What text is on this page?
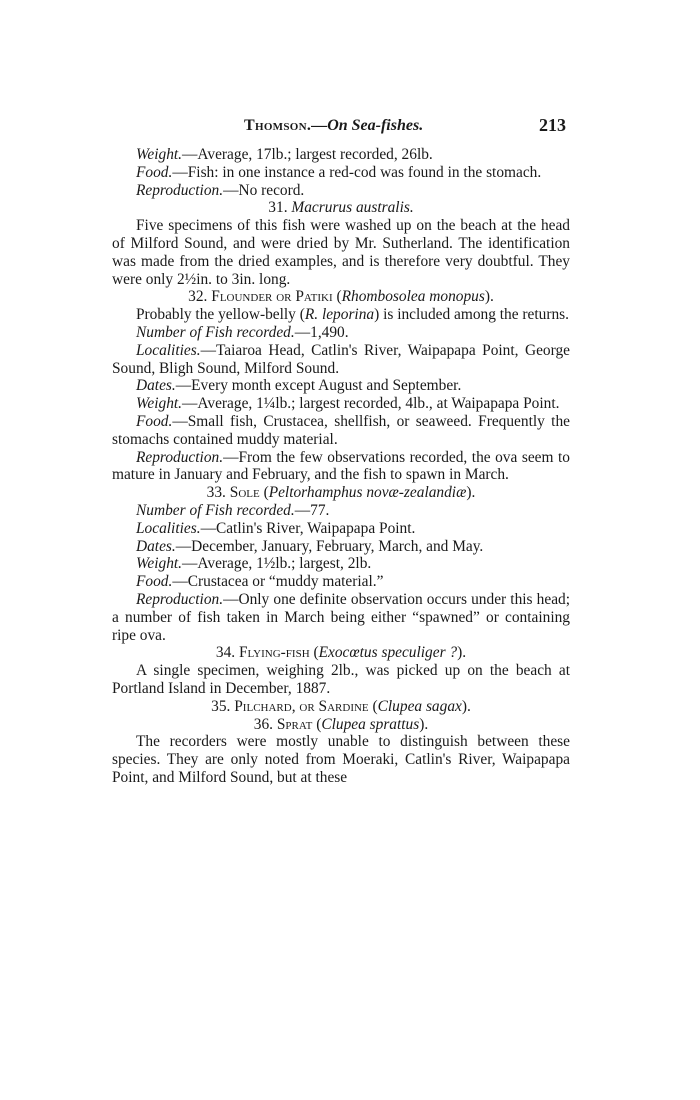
Thomson.—On Sea-fishes.	213

Weight.—Average, 17lb.; largest recorded, 26lb.

Food.—Fish: in one instance a red-cod was found in the stomach.

Reproduction.—No record.

31. Macrurus australis.

Five specimens of this fish were washed up on the beach at the head of Milford Sound, and were dried by Mr. Sutherland. The identification was made from the dried examples, and is therefore very doubtful. They were only 2½in. to 3in. long.

32. Flounder or Patiki (Rhombosolea monopus).

Probably the yellow-belly (R. leporina) is included among the returns.

Number of Fish recorded.—1,490.

Localities.—Taiaroa Head, Catlin's River, Waipapapa Point, George Sound, Bligh Sound, Milford Sound.

Dates.—Every month except August and September.

Weight.—Average, 1¼lb.; largest recorded, 4lb., at Waipapapa Point.

Food.—Small fish, Crustacea, shellfish, or seaweed. Frequently the stomachs contained muddy material.

Reproduction.—From the few observations recorded, the ova seem to mature in January and February, and the fish to spawn in March.

33. Sole (Peltorhamphus novæ-zealandiæ).

Number of Fish recorded.—77.

Localities.—Catlin's River, Waipapapa Point.

Dates.—December, January, February, March, and May.

Weight.—Average, 1½lb.; largest, 2lb.

Food.—Crustacea or “muddy material.”

Reproduction.—Only one definite observation occurs under this head; a number of fish taken in March being either “spawned” or containing ripe ova.

34. Flying-fish (Exocœtus speculiger ?).

A single specimen, weighing 2lb., was picked up on the beach at Portland Island in December, 1887.

35. Pilchard, or Sardine (Clupea sagax).

36. Sprat (Clupea sprattus).

The recorders were mostly unable to distinguish between these species. They are only noted from Moeraki, Catlin's River, Waipapapa Point, and Milford Sound, but at these
